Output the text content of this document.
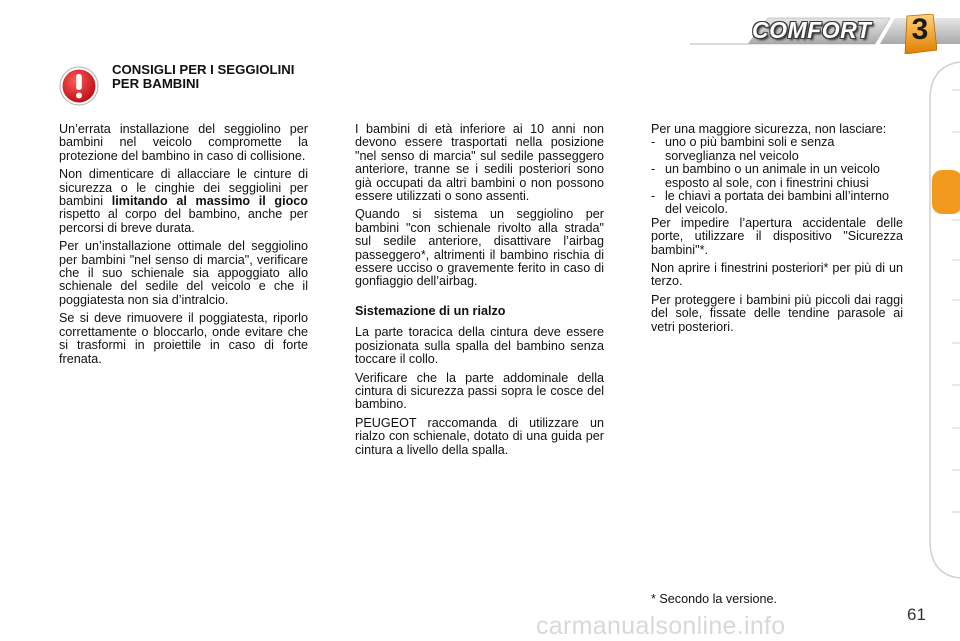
COMFORT 3
CONSIGLI PER I SEGGIOLINI PER BAMBINI

Un’errata installazione del seggiolino per bambini nel veicolo compromette la protezione del bambino in caso di collisione.

Non dimenticare di allacciare le cinture di sicurezza o le cinghie dei seggiolini per bambini limitando al massimo il gioco rispetto al corpo del bambino, anche per percorsi di breve durata.

Per un’installazione ottimale del seggiolino per bambini "nel senso di marcia", verificare che il suo schienale sia appoggiato allo schienale del sedile del veicolo e che il poggiatesta non sia d’intralcio.

Se si deve rimuovere il poggiatesta, riporlo correttamente o bloccarlo, onde evitare che si trasformi in proiettile in caso di forte frenata.

I bambini di età inferiore ai 10 anni non devono essere trasportati nella posizione "nel senso di marcia" sul sedile passeggero anteriore, tranne se i sedili posteriori sono già occupati da altri bambini o non possono essere utilizzati o sono assenti.

Quando si sistema un seggiolino per bambini "con schienale rivolto alla strada" sul sedile anteriore, disattivare l’airbag passeggero*, altrimenti il bambino rischia di essere ucciso o gravemente ferito in caso di gonfiaggio dell’airbag.

Sistemazione di un rialzo

La parte toracica della cintura deve essere posizionata sulla spalla del bambino senza toccare il collo.

Verificare che la parte addominale della cintura di sicurezza passi sopra le cosce del bambino.

PEUGEOT raccomanda di utilizzare un rialzo con schienale, dotato di una guida per cintura a livello della spalla.

Per una maggiore sicurezza, non lasciare:

- uno o più bambini soli e senza sorveglianza nel veicolo
- un bambino o un animale in un veicolo esposto al sole, con i finestrini chiusi
- le chiavi a portata dei bambini all’interno del veicolo.

Per impedire l’apertura accidentale delle porte, utilizzare il dispositivo "Sicurezza bambini"*.

Non aprire i finestrini posteriori* per più di un terzo.

Per proteggere i bambini più piccoli dai raggi del sole, fissate delle tendine parasole ai vetri posteriori.

* Secondo la versione.
carmanualsonline.info	61
